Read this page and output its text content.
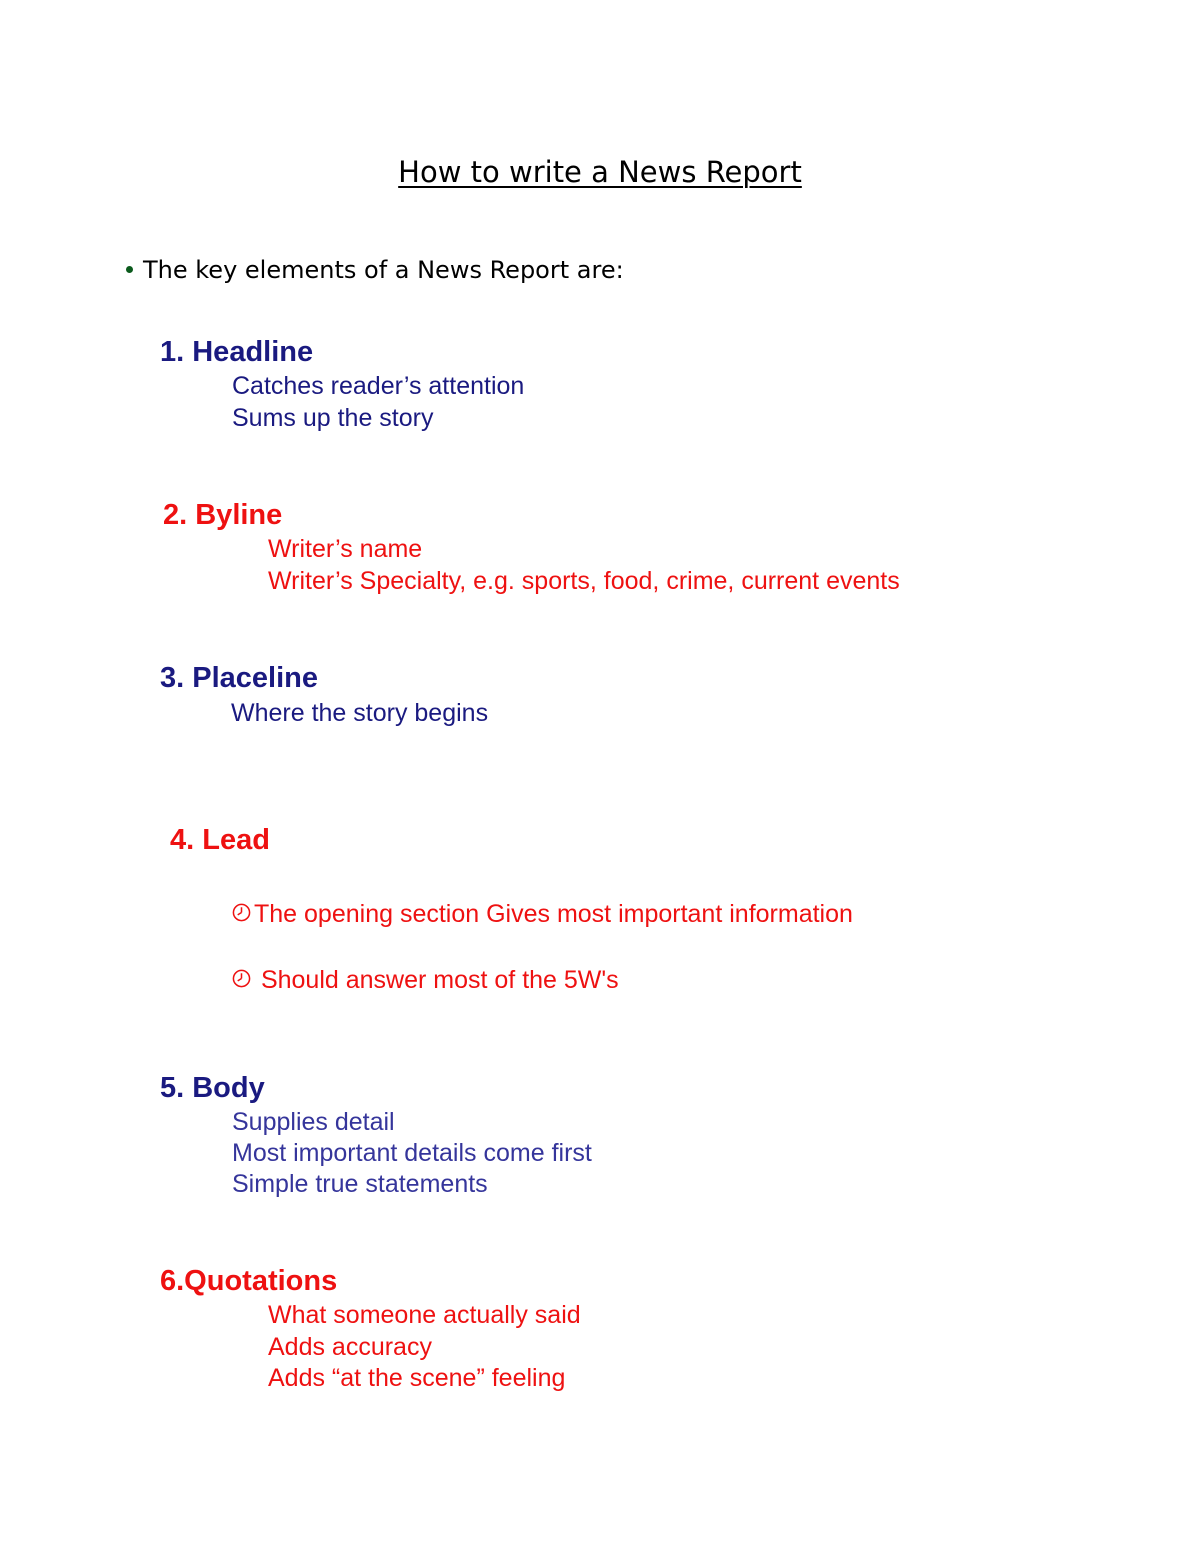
How to write a News Report
The key elements of a News Report are:
1. Headline
Catches reader’s attention
Sums up the story
2. Byline
Writer’s name
Writer’s Specialty, e.g. sports, food, crime, current events
3. Placeline
Where the story begins
4. Lead
The opening section Gives most important information
Should answer most of the 5W's
5. Body
Supplies detail
Most important details come first
Simple true statements
6.Quotations
What someone actually said
Adds accuracy
Adds “at the scene” feeling
